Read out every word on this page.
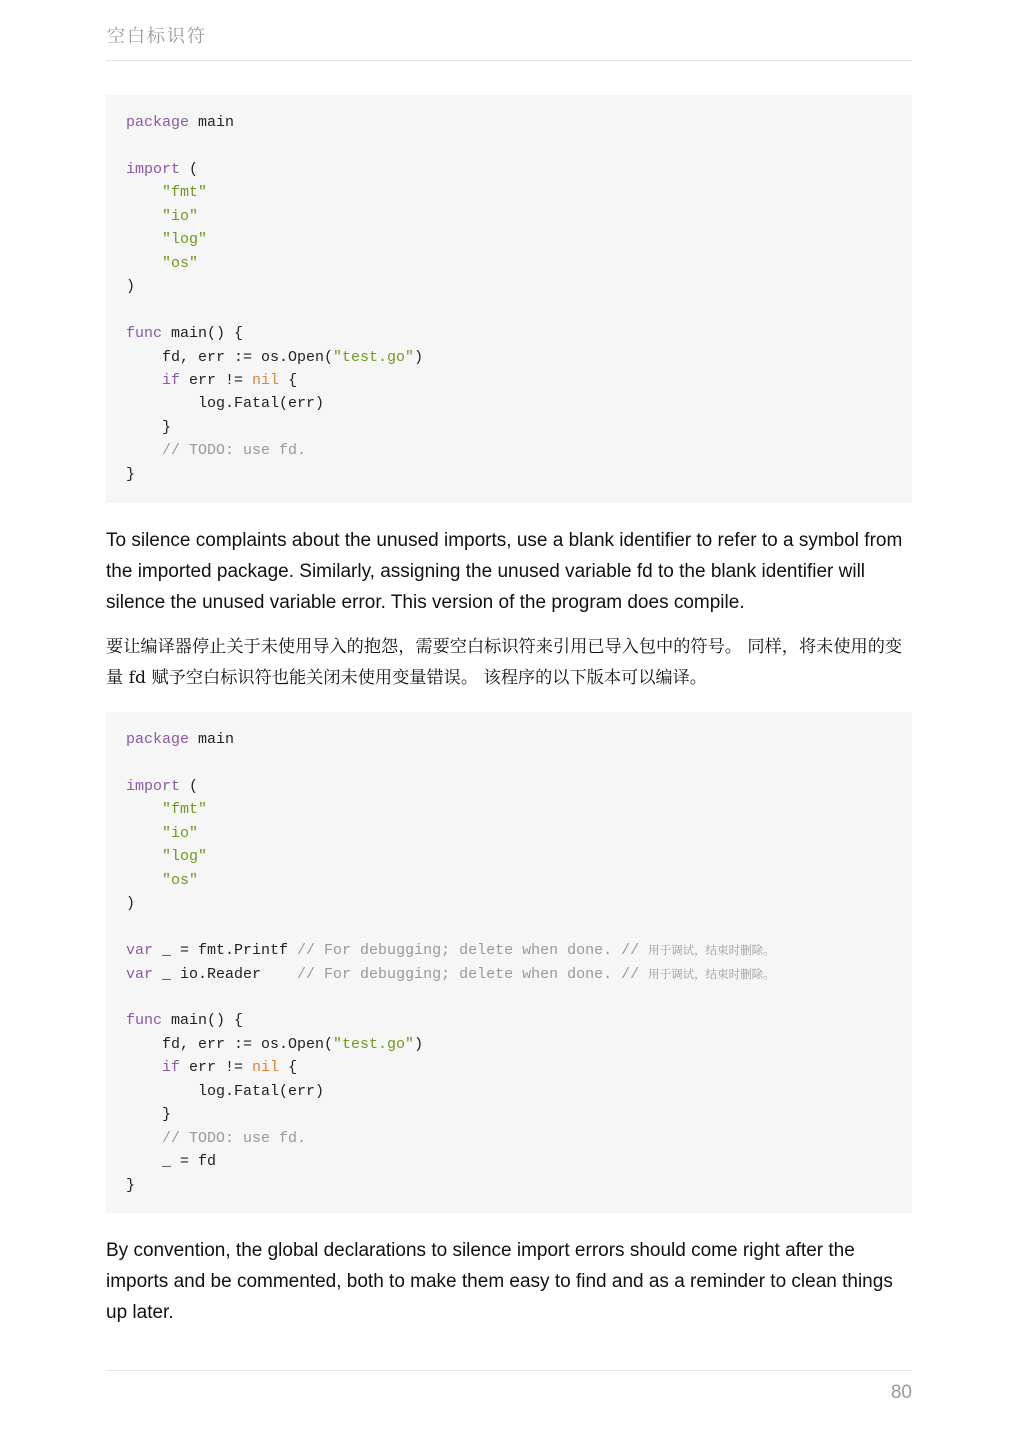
空白标识符
package main

import (
"fmt"
"io"
"log"
"os"
)

func main() {
fd, err := os.Open("test.go")
if err != nil {
log.Fatal(err)
}
// TODO: use fd.
}

To silence complaints about the unused imports, use a blank identifier to refer to a symbol from the imported package. Similarly, assigning the unused variable fd to the blank identifier will silence the unused variable error. This version of the program does compile.

要让编译器停止关于未使用导入的抱怨，需要空白标识符来引用已导入包中的符号。 同样，将未使用的变量 fd 赋予空白标识符也能关闭未使用变量错误。 该程序的以下版本可以编译。

package main

import (
"fmt"
"io"
"log"
"os"
)

var _ = fmt.Printf // For debugging; delete when done. // 用于调试，结束时删除。
var _ io.Reader    // For debugging; delete when done. // 用于调试，结束时删除。

func main() {
fd, err := os.Open("test.go")
if err != nil {
log.Fatal(err)
}
// TODO: use fd.
_ = fd
}

By convention, the global declarations to silence import errors should come right after the imports and be commented, both to make them easy to find and as a reminder to clean things up later.

80
